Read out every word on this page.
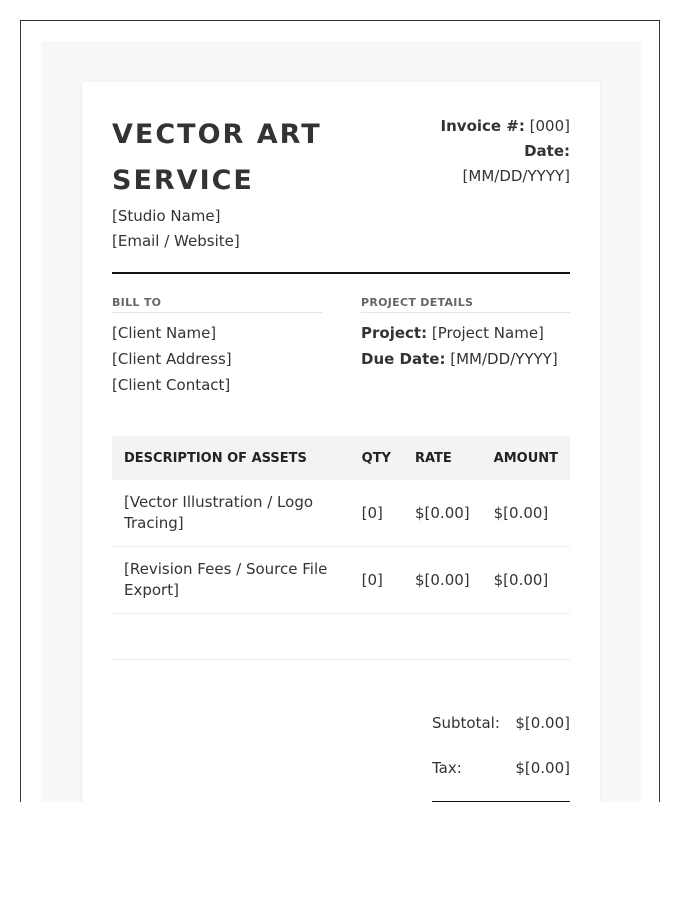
VECTOR ART SERVICE
[Studio Name]
[Email / Website]
Invoice #: [000]
Date:
[MM/DD/YYYY]
BILL TO	PROJECT DETAILS
[Client Name]
[Client Address]
[Client Contact]
Project: [Project Name]
Due Date: [MM/DD/YYYY]
DESCRIPTION OF ASSETS	QTY	RATE	AMOUNT
[Vector Illustration / Logo Tracing]	[0]	$[0.00]	$[0.00]
[Revision Fees / Source File Export]	[0]	$[0.00]	$[0.00]
Subtotal: $[0.00]
Tax:	$[0.00]
